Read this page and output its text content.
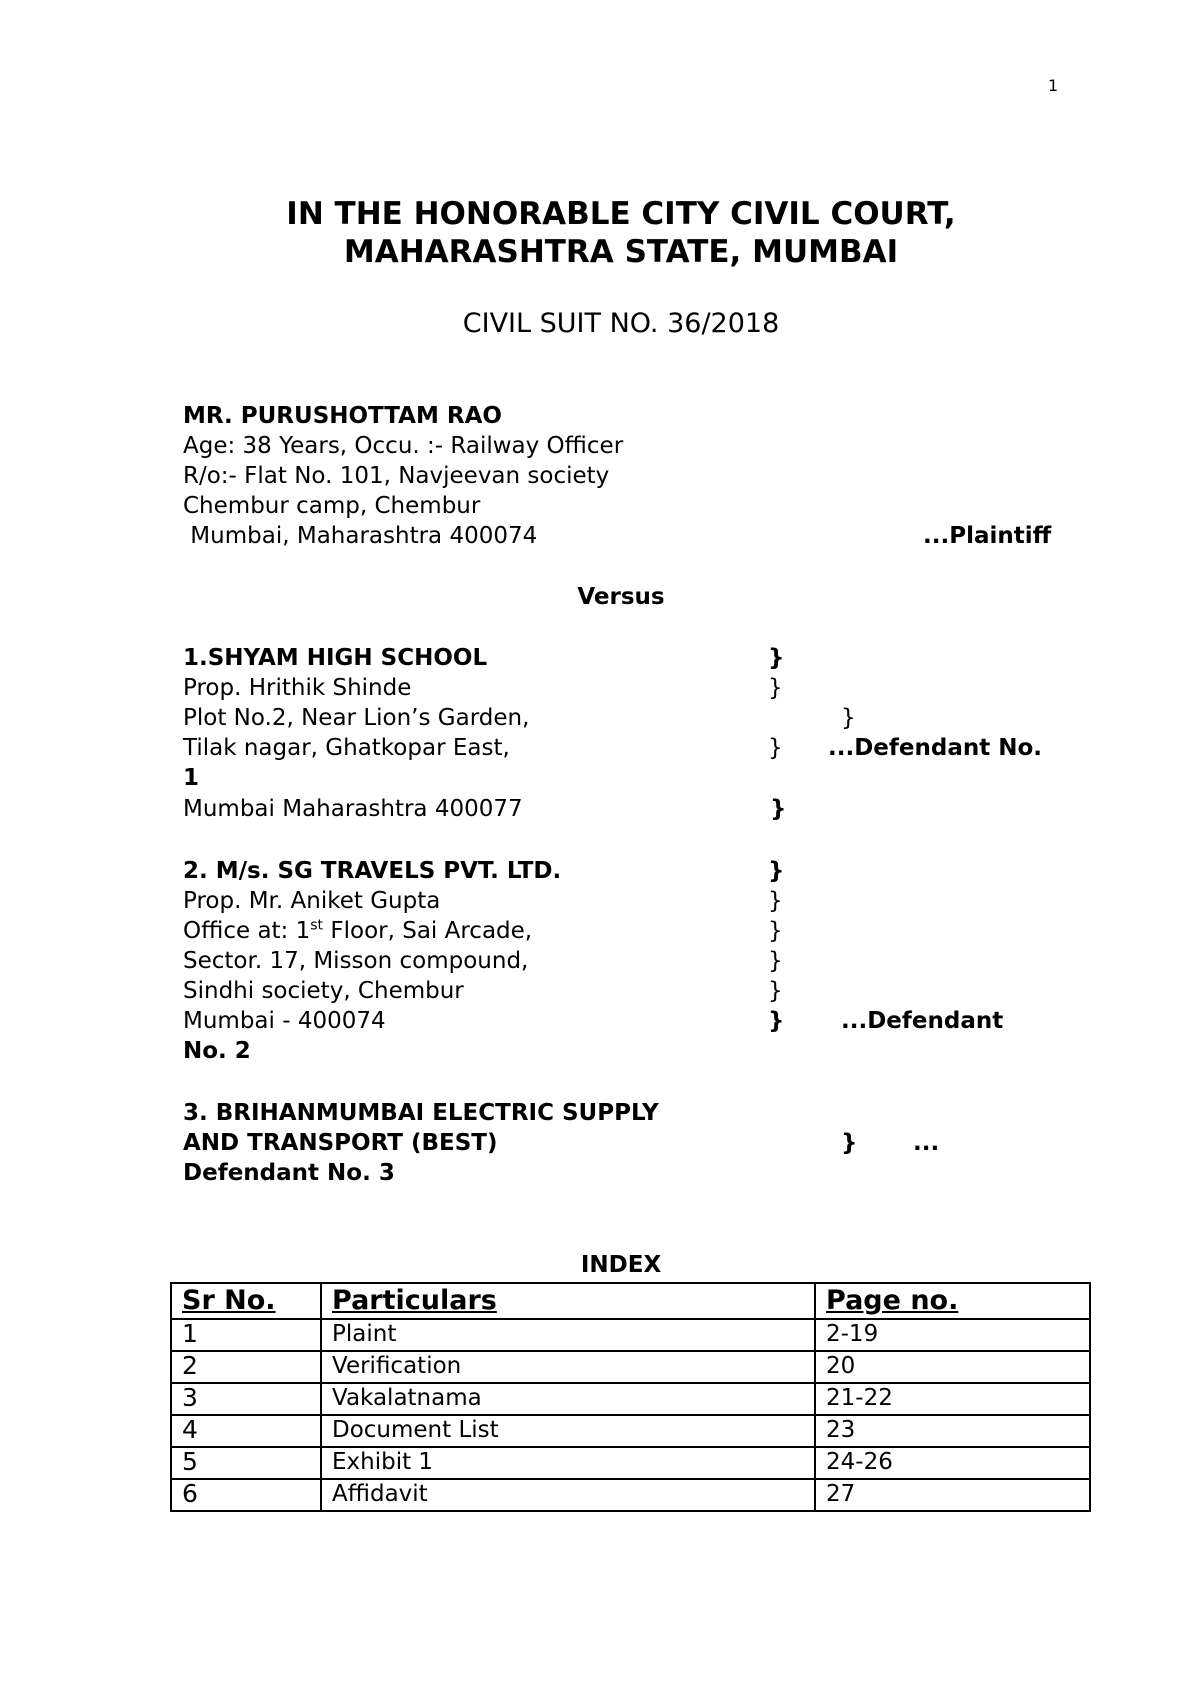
1
IN THE HONORABLE CITY CIVIL COURT,
MAHARASHTRA STATE, MUMBAI
CIVIL SUIT NO. 36/2018
MR. PURUSHOTTAM RAO
Age: 38 Years, Occu. :- Railway Officer
R/o:- Flat No. 101, Navjeevan society
Chembur camp, Chembur
Mumbai, Maharashtra 400074	...Plaintiff
Versus
1.SHYAM HIGH SCHOOL	}
Prop. Hrithik Shinde	}
Plot No.2, Near Lion’s Garden,	}
Tilak nagar, Ghatkopar East,	} ...Defendant No.
1
Mumbai Maharashtra 400077	}
2. M/s. SG TRAVELS PVT. LTD.	}
Prop. Mr. Aniket Gupta	}
Office at: 1st Floor, Sai Arcade,	}
Sector. 17, Misson compound,	}
Sindhi society, Chembur	}
Mumbai - 400074	} ...Defendant
No. 2
3. BRIHANMUMBAI ELECTRIC SUPPLY
AND TRANSPORT (BEST)	} ...
Defendant No. 3
INDEX
Sr No.	Particulars	Page no.
1	Plaint	2-19
2	Verification	20
3	Vakalatnama	21-22
4	Document List	23
5	Exhibit 1	24-26
6	Affidavit	27
